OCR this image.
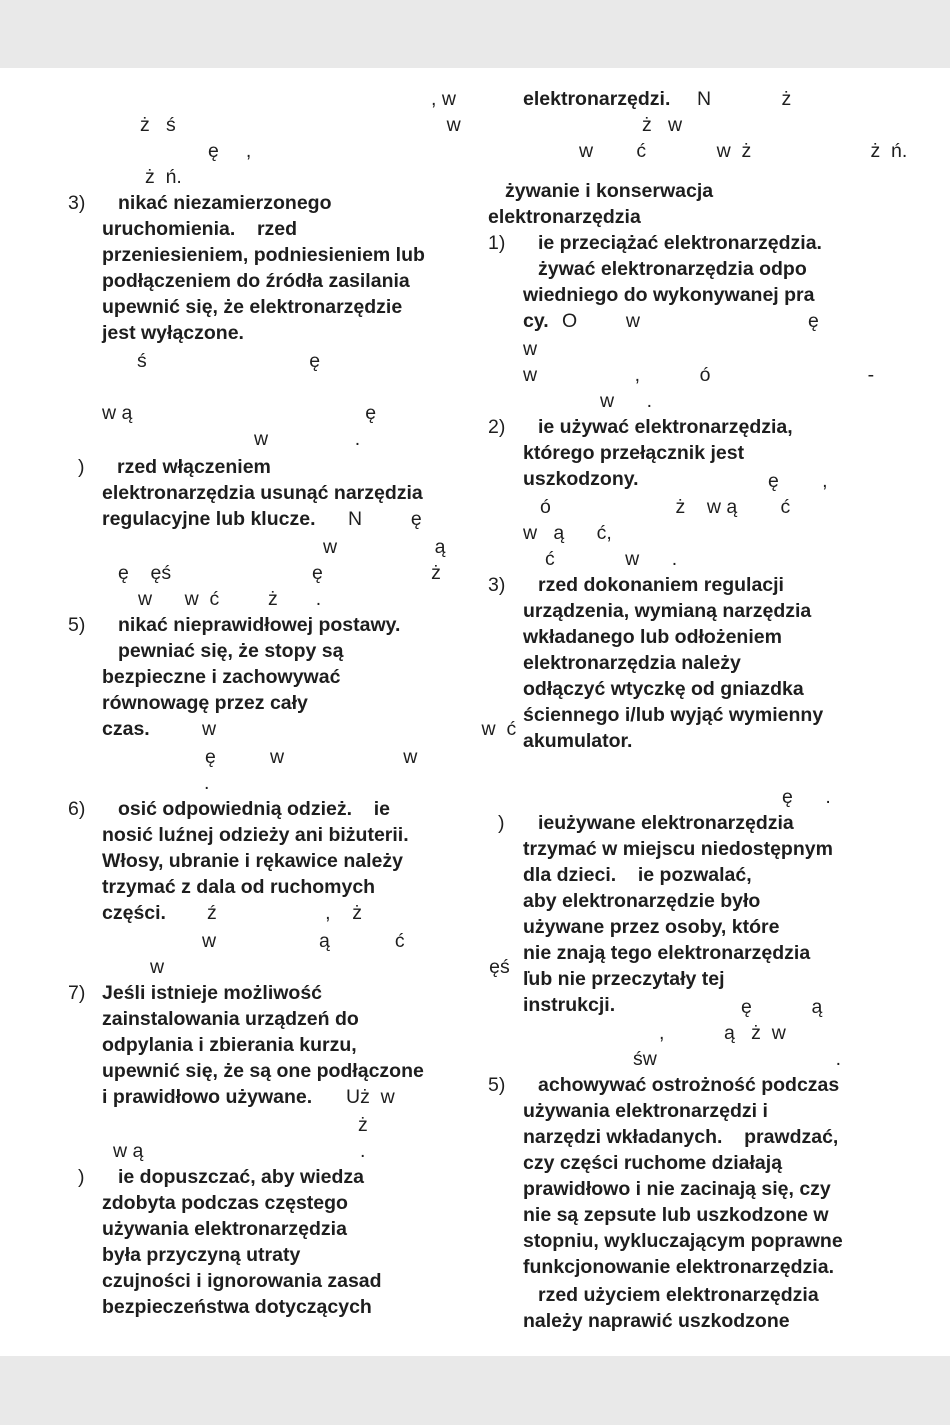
, w
ż   ś                                                  w
ę     ,
ż  ń.
3) nikać niezamierzonego
uruchomienia.    rzed
przeniesieniem, podniesieniem lub
podłączeniem do źródła zasilania
upewnić się, że elektronarzędzie
jest wyłączone.
ś                              ę
w ą                                           ę
w                .
) rzed włączeniem
elektronarzędzia usunąć narzędzia
regulacyjne lub klucze. N         ę
w                  ą
ę    ęś                          ę                    ż
w      w  ć         ż       .
5) nikać nieprawidłowej postawy.
pewniać się, że stopy są
bezpieczne i zachowywać
równowagę przez cały
czas.	w                                                 w  ć
ę          w                      w
.
6) osić odpowiednią odzież.    ie
nosić luźnej odzieży ani biżuterii.
Włosy, ubranie i rękawice należy
trzymać z dala od ruchomych
części. ź                    ,    ż
w                   ą            ć
w                                                            ęś   .
7) Jeśli istnieje możliwość
zainstalowania urządzeń do
odpylania i zbierania kurzu,
upewnić się, że są one podłączone
i prawidłowo używane. Uż  w
ż
w ą                                        .
) ie dopuszczać, aby wiedza
zdobyta podczas częstego
używania elektronarzędzia
była przyczyną utraty
czujności i ignorowania zasad
bezpieczeństwa dotyczących
elektronarzędzi. N             ż
ż   w
w        ć             w  ż                      ż  ń.
żywanie i konserwacja
elektronarzędzia
1) ie przeciążać elektronarzędzia.
żywać elektronarzędzia odpo
wiedniego do wykonywanej pra
cy. O         w                               ę
w
w                  ,           ó                             -
w      .
2) ie używać elektronarzędzia,
którego przełącznik jest
uszkodzony.	ę        ,
ó                       ż    w ą        ć
w   ą      ć,
ć             w      .
3) rzed dokonaniem regulacji
urządzenia, wymianą narzędzia
wkładanego lub odłożeniem
elektronarzędzia należy
odłączyć wtyczkę od gniazdka
ściennego i/lub wyjąć wymienny
akumulator.
ę      .
) ieużywane elektronarzędzia
trzymać w miejscu niedostępnym
dla dzieci.    ie pozwalać,
aby elektronarzędzie było
używane przez osoby, które
nie znają tego elektronarzędzia
lub nie przeczytały tej
instrukcji.	ę           ą
,           ą   ż  w
św                                 .
5) achowywać ostrożność podczas
używania elektronarzędzi i
narzędzi wkładanych.    prawdzać,
czy części ruchome działają
prawidłowo i nie zacinają się, czy
nie są zepsute lub uszkodzone w
stopniu, wykluczającym poprawne
funkcjonowanie elektronarzędzia.
rzed użyciem elektronarzędzia
należy naprawić uszkodzone
